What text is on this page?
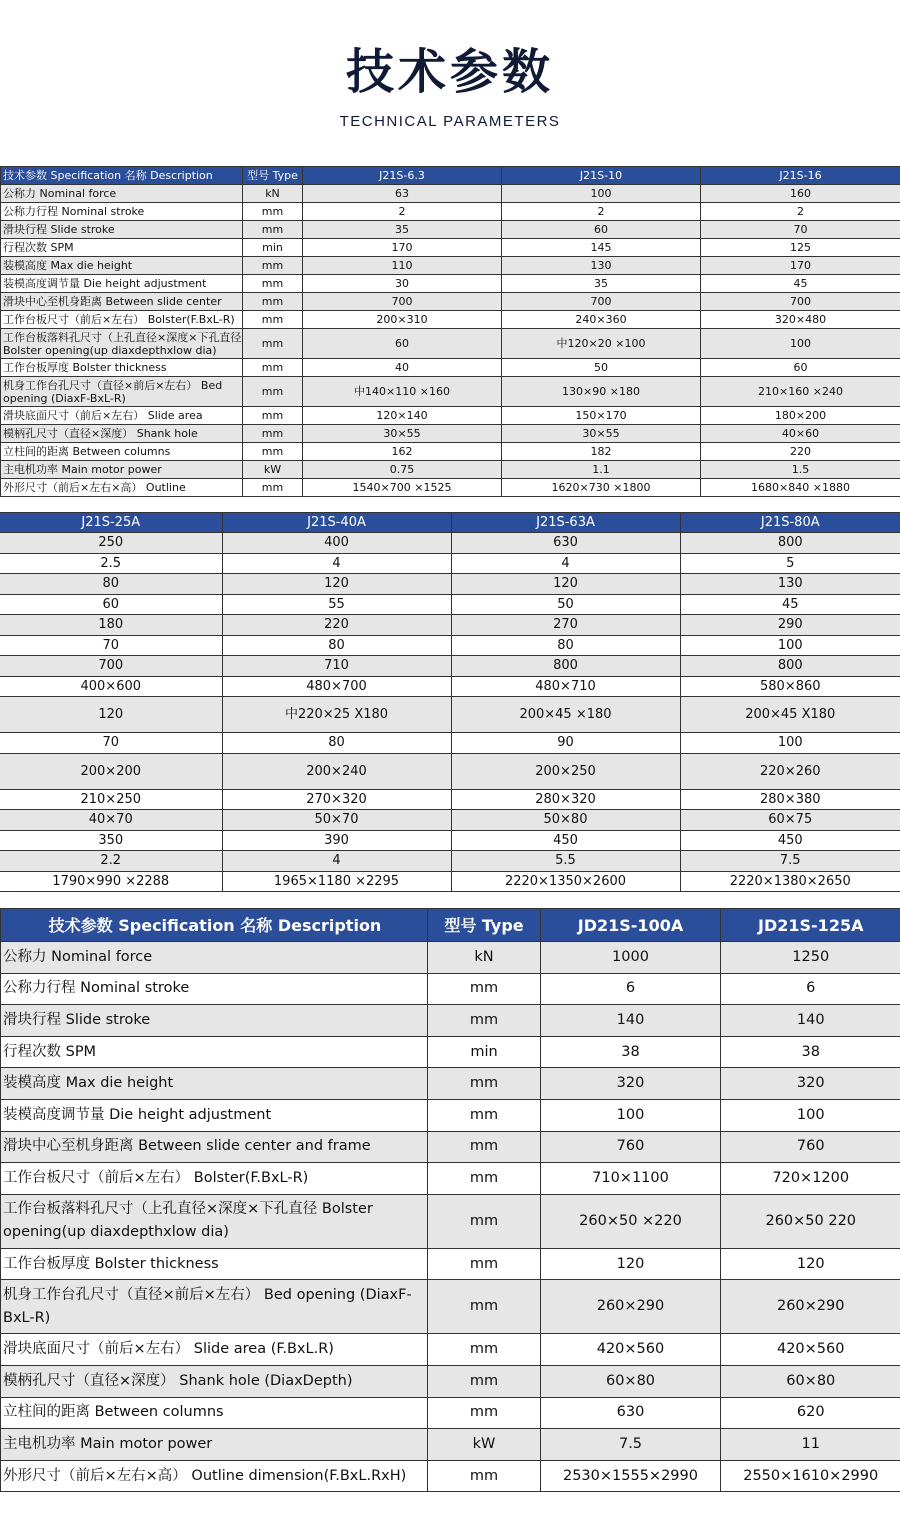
技术参数
TECHNICAL PARAMETERS
技术参数 Specification 名称 Description	型号 Type	J21S-6.3	J21S-10	J21S-16
公称力 Nominal force	kN	63	100	160
公称力行程 Nominal stroke	mm	2	2	2
滑块行程 Slide stroke	mm	35	60	70
行程次数 SPM	min	170	145	125
装模高度 Max die height	mm	110	130	170
装模高度调节量 Die height adjustment	mm	30	35	45
滑块中心至机身距离 Between slide center	mm	700	700	700
工作台板尺寸（前后×左右） Bolster(F.BxL-R)	mm	200×310	240×360	320×480
工作台板落料孔尺寸（上孔直径×深度×下孔直径 Bolster opening(up diaxdepthxlow dia)	mm	60	中120×20 ×100	100
工作台板厚度 Bolster thickness	mm	40	50	60
机身工作台孔尺寸（直径×前后×左右） Bed opening (DiaxF-BxL-R)	mm	中140×110 ×160	130×90 ×180	210×160 ×240
滑块底面尺寸（前后×左右） Slide area	mm	120×140	150×170	180×200
模柄孔尺寸（直径×深度） Shank hole	mm	30×55	30×55	40×60
立柱间的距离 Between columns	mm	162	182	220
主电机功率 Main motor power	kW	0.75	1.1	1.5
外形尺寸（前后×左右×高） Outline	mm	1540×700 ×1525	1620×730 ×1800	1680×840 ×1880
J21S-25A	J21S-40A	J21S-63A	J21S-80A
250	400	630	800
2.5	4	4	5
80	120	120	130
60	55	50	45
180	220	270	290
70	80	80	100
700	710	800	800
400×600	480×700	480×710	580×860
120	中220×25 X180	200×45 ×180	200×45 X180
70	80	90	100
200×200	200×240	200×250	220×260
210×250	270×320	280×320	280×380
40×70	50×70	50×80	60×75
350	390	450	450
2.2	4	5.5	7.5
1790×990 ×2288	1965×1180 ×2295	2220×1350×2600	2220×1380×2650
技术参数 Specification 名称 Description	型号 Type	JD21S-100A	JD21S-125A
公称力 Nominal force	kN	1000	1250
公称力行程 Nominal stroke	mm	6	6
滑块行程 Slide stroke	mm	140	140
行程次数 SPM	min	38	38
装模高度 Max die height	mm	320	320
装模高度调节量 Die height adjustment	mm	100	100
滑块中心至机身距离 Between slide center and frame	mm	760	760
工作台板尺寸（前后×左右） Bolster(F.BxL-R)	mm	710×1100	720×1200
工作台板落料孔尺寸（上孔直径×深度×下孔直径 Bolster opening(up diaxdepthxlow dia)	mm	260×50 ×220	260×50 220
工作台板厚度 Bolster thickness	mm	120	120
机身工作台孔尺寸（直径×前后×左右） Bed opening (DiaxF-BxL-R)	mm	260×290	260×290
滑块底面尺寸（前后×左右） Slide area (F.BxL.R)	mm	420×560	420×560
模柄孔尺寸（直径×深度） Shank hole (DiaxDepth)	mm	60×80	60×80
立柱间的距离 Between columns	mm	630	620
主电机功率 Main motor power	kW	7.5	11
外形尺寸（前后×左右×高） Outline dimension(F.BxL.RxH)	mm	2530×1555×2990	2550×1610×2990
